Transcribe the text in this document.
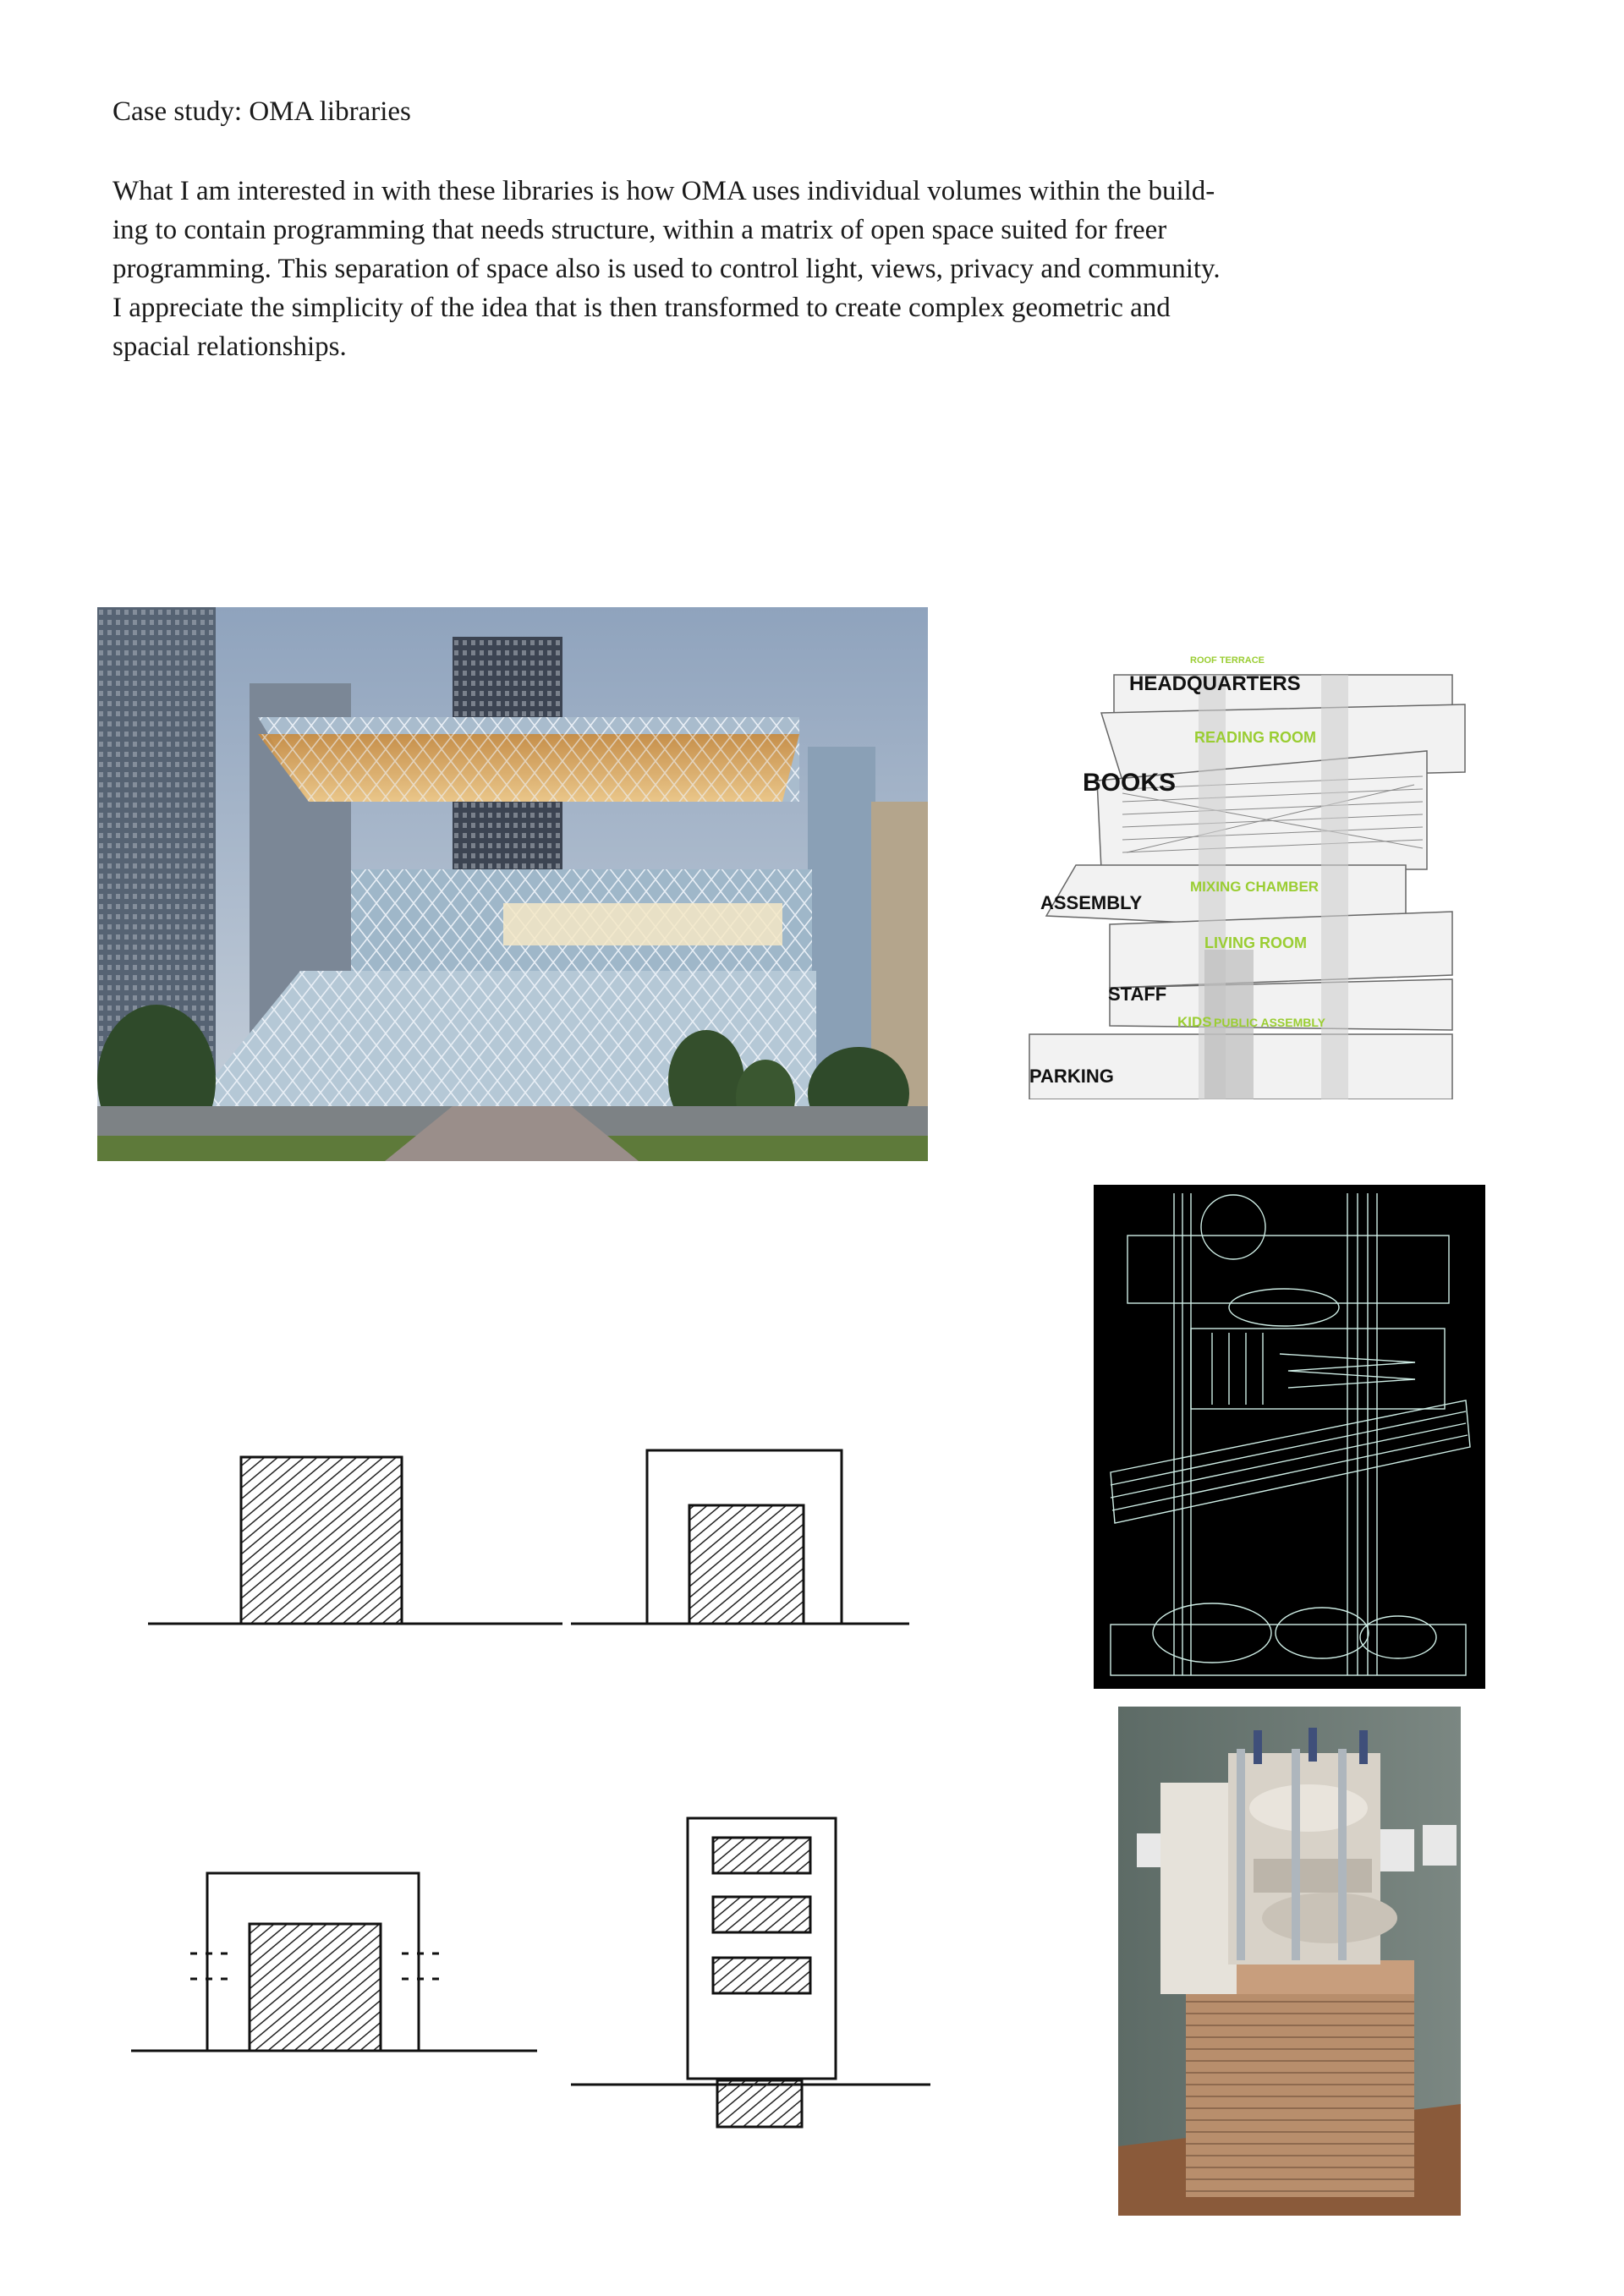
Case study: OMA libraries
What I am interested in with these libraries is how OMA uses individual volumes within the build-
ing to contain programming that needs structure, within a matrix of open space suited for freer
programming. This separation of space also is used to control light, views, privacy and community.
I appreciate the simplicity of the idea that is then transformed to create complex geometric and
spacial relationships.
ROOF TERRACE
HEADQUARTERS
READING ROOM
BOOKS
MIXING CHAMBER
ASSEMBLY
LIVING ROOM
STAFF
KIDS PUBLIC ASSEMBLY
PARKING
